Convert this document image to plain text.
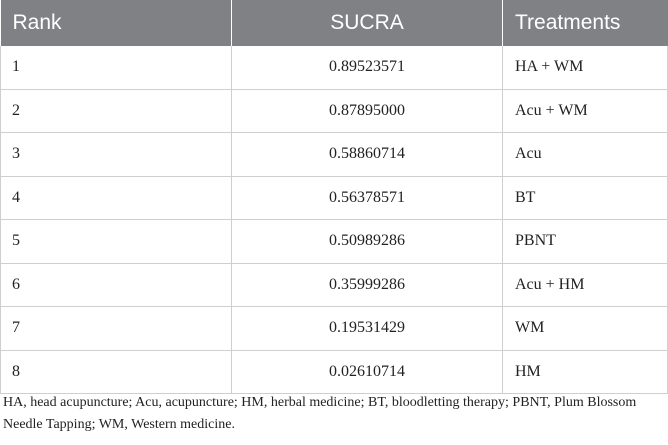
Rank	SUCRA	Treatments
1	0.89523571	HA + WM
2	0.87895000	Acu + WM
3	0.58860714	Acu
4	0.56378571	BT
5	0.50989286	PBNT
6	0.35999286	Acu + HM
7	0.19531429	WM
8	0.02610714	HM
HA, head acupuncture; Acu, acupuncture; HM, herbal medicine; BT, bloodletting therapy; PBNT, Plum Blossom Needle Tapping; WM, Western medicine.
